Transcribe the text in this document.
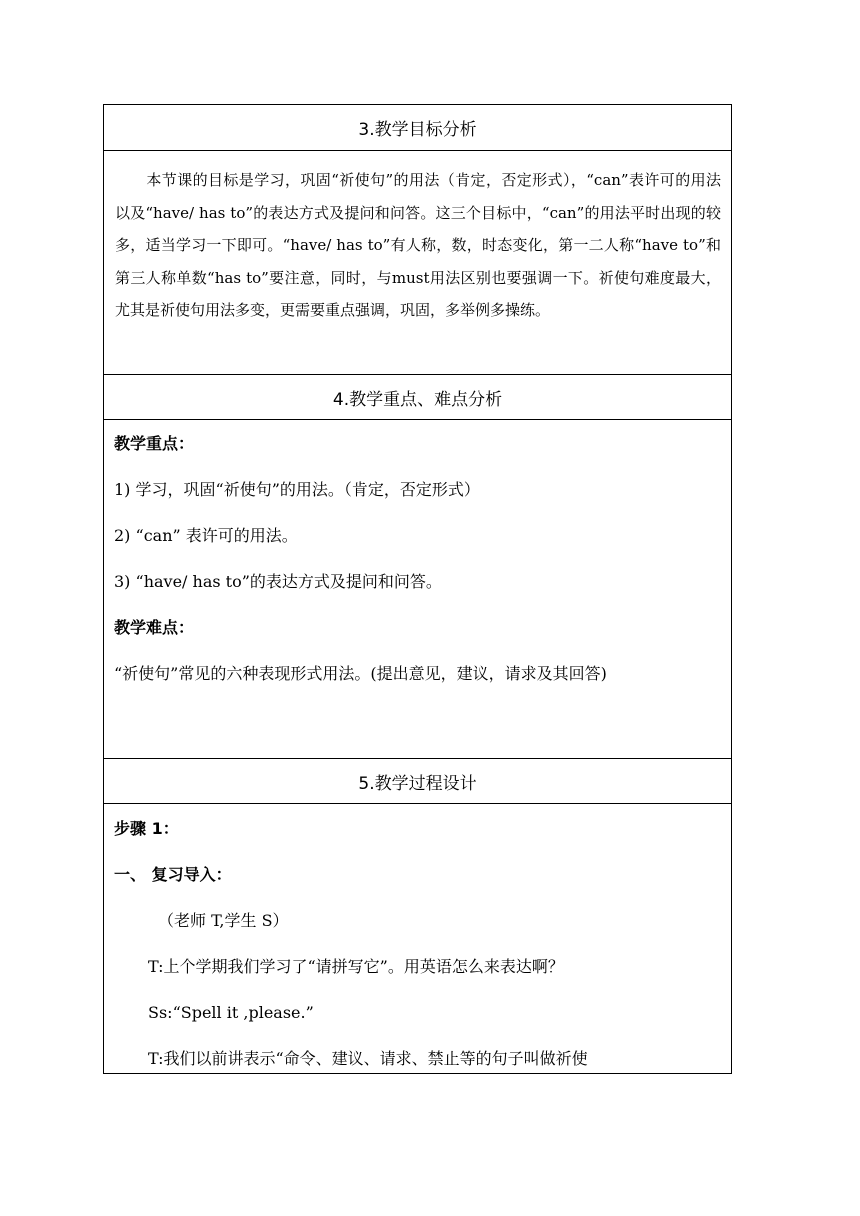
3.教学目标分析

本节课的目标是学习，巩固“祈使句”的用法（肯定，否定形式），“can”表许可的用法以及“have/ has to”的表达方式及提问和问答。这三个目标中，“can”的用法平时出现的较多，适当学习一下即可。“have/ has to”有人称，数，时态变化，第一二人称“have to”和第三人称单数“has to”要注意，同时，与must用法区别也要强调一下。祈使句难度最大，尤其是祈使句用法多变，更需要重点强调，巩固，多举例多操练。

4.教学重点、难点分析

教学重点：

1) 学习，巩固“祈使句”的用法。（肯定，否定形式）

2) “can” 表许可的用法。

3) “have/ has to”的表达方式及提问和问答。

教学难点：

“祈使句”常见的六种表现形式用法。(提出意见，建议，请求及其回答)

5.教学过程设计

步骤 1：

一、 复习导入：

（老师 T,学生 S）

T:上个学期我们学习了“请拼写它”。用英语怎么来表达啊？

Ss:“Spell it ,please.”

T:我们以前讲表示“命令、建议、请求、禁止等的句子叫做祈使
